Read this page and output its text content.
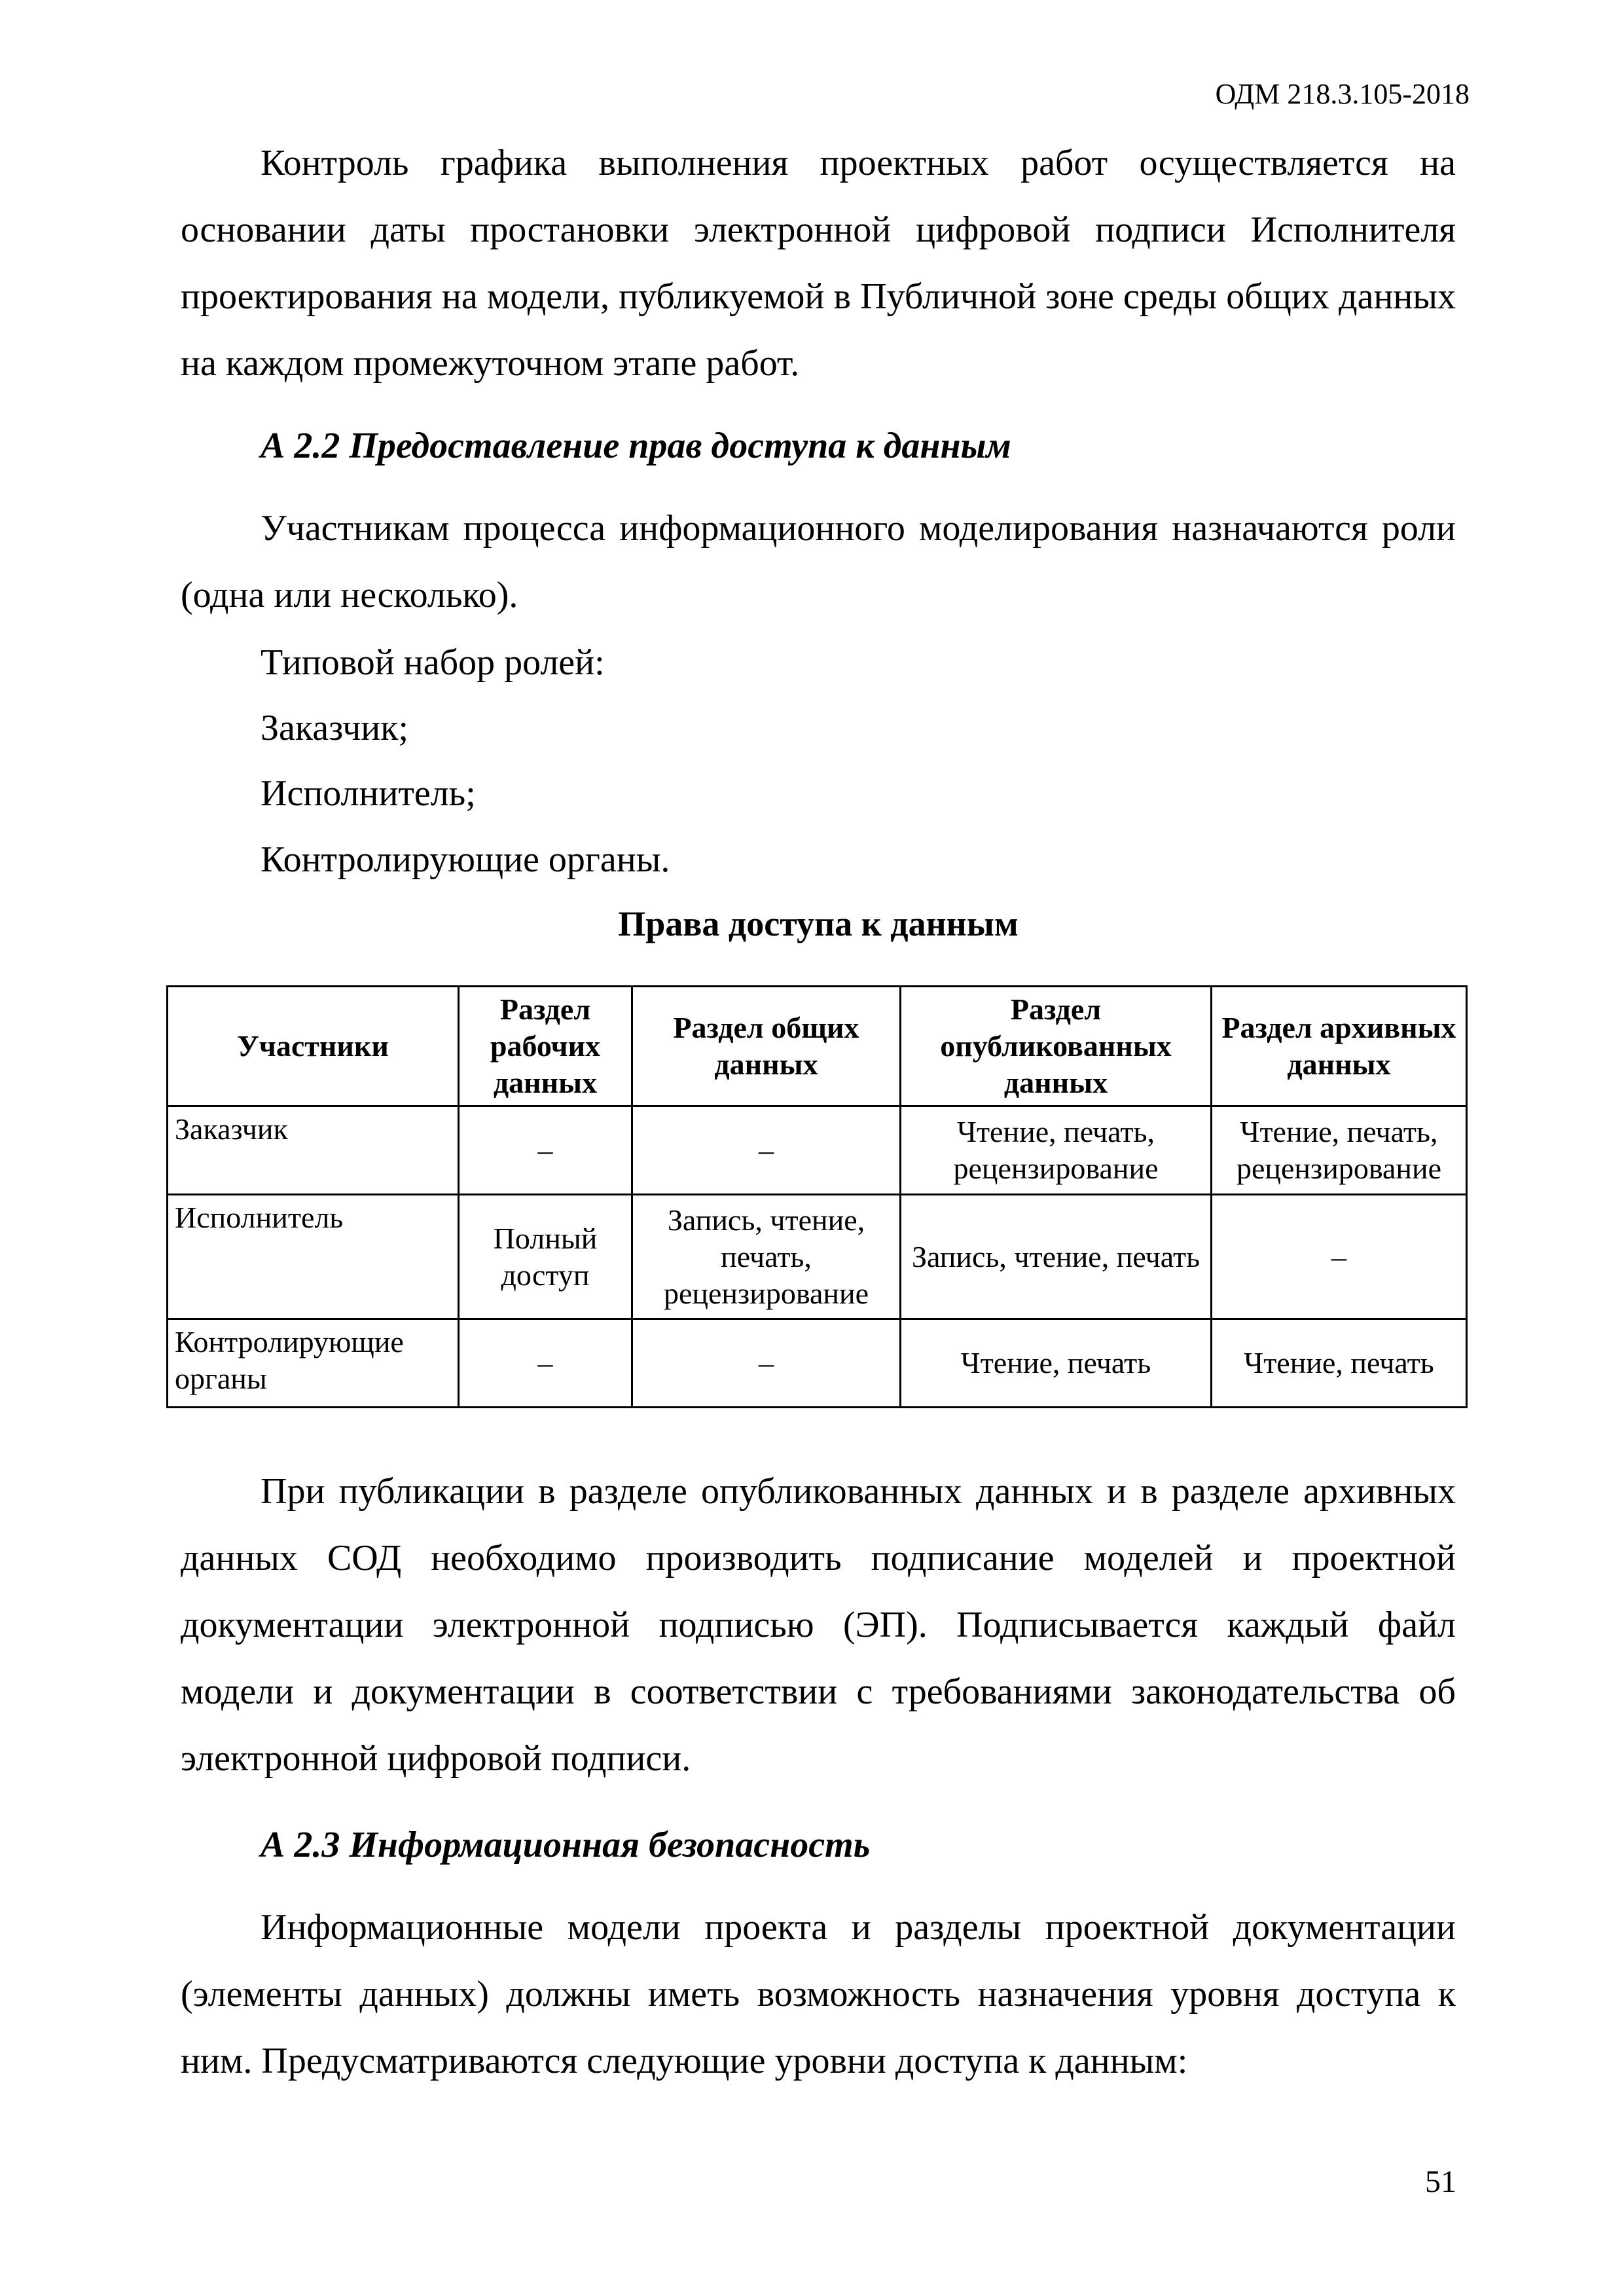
ОДМ 218.3.105-2018

Контроль графика выполнения проектных работ осуществляется на основании даты простановки электронной цифровой подписи Исполнителя проектирования на модели, публикуемой в Публичной зоне среды общих данных на каждом промежуточном этапе работ.

А 2.2 Предоставление прав доступа к данным

Участникам процесса информационного моделирования назначаются роли (одна или несколько).

Типовой набор ролей:
Заказчик;
Исполнитель;
Контролирующие органы.
Права доступа к данным
Участники	Раздел рабочих данных	Раздел общих данных	Раздел опубликованных данных	Раздел архивных данных
Заказчик	–	–	Чтение, печать, рецензирование	Чтение, печать, рецензирование
Исполнитель	Полный доступ	Запись, чтение, печать, рецензирование	Запись, чтение, печать	–
Контролирующие органы	–	–	Чтение, печать	Чтение, печать

При публикации в разделе опубликованных данных и в разделе архивных данных СОД необходимо производить подписание моделей и проектной документации электронной подписью (ЭП). Подписывается каждый файл модели и документации в соответствии с требованиями законодательства об электронной цифровой подписи.

А 2.3 Информационная безопасность

Информационные модели проекта и разделы проектной документации (элементы данных) должны иметь возможность назначения уровня доступа к ним. Предусматриваются следующие уровни доступа к данным:

51
